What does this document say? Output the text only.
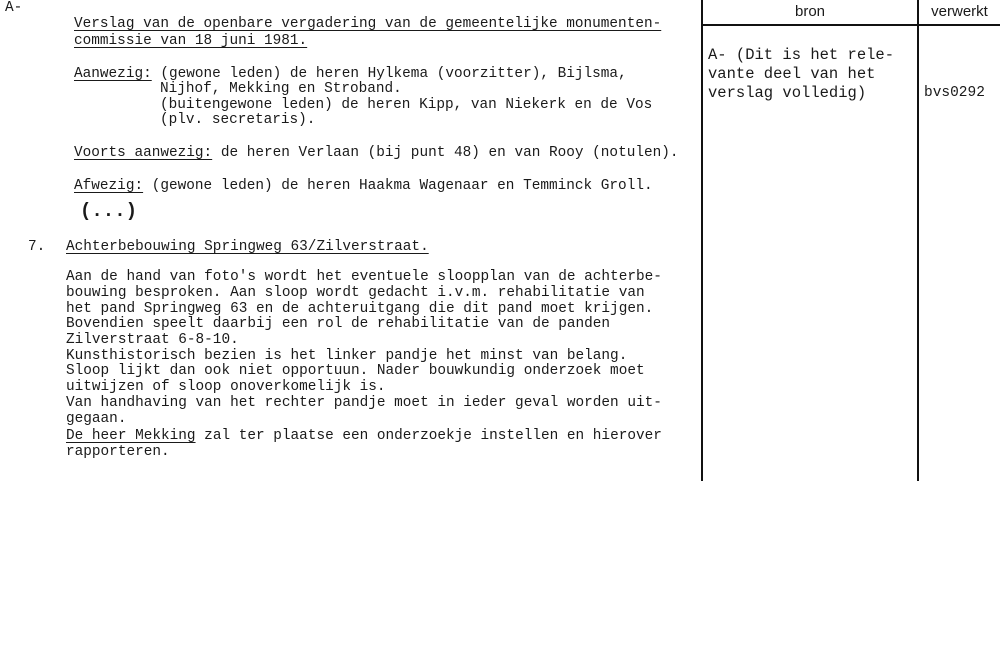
A-
Verslag van de openbare vergadering van de gemeentelijke monumenten-
commissie van 18 juni 1981.
Aanwezig: (gewone leden) de heren Hylkema (voorzitter), Bijlsma,
Nijhof, Mekking en Stroband.
(buitengewone leden) de heren Kipp, van Niekerk en de Vos
(plv. secretaris).
Voorts aanwezig: de heren Verlaan (bij punt 48) en van Rooy (notulen).
Afwezig: (gewone leden) de heren Haakma Wagenaar en Temminck Groll.
(...)
7. Achterbebouwing Springweg 63/Zilverstraat.
Aan de hand van foto's wordt het eventuele sloopplan van de achterbe-
bouwing besproken. Aan sloop wordt gedacht i.v.m. rehabilitatie van
het pand Springweg 63 en de achteruitgang die dit pand moet krijgen.
Bovendien speelt daarbij een rol de rehabilitatie van de panden
Zilverstraat 6-8-10.
Kunsthistorisch bezien is het linker pandje het minst van belang.
Sloop lijkt dan ook niet opportuun. Nader bouwkundig onderzoek moet
uitwijzen of sloop onoverkomelijk is.
Van handhaving van het rechter pandje moet in ieder geval worden uit-
gegaan.
De heer Mekking zal ter plaatse een onderzoekje instellen en hierover
rapporteren.
bron	verwerkt
A- (Dit is het rele-
vante deel van het
verslag volledig)	bvs0292
